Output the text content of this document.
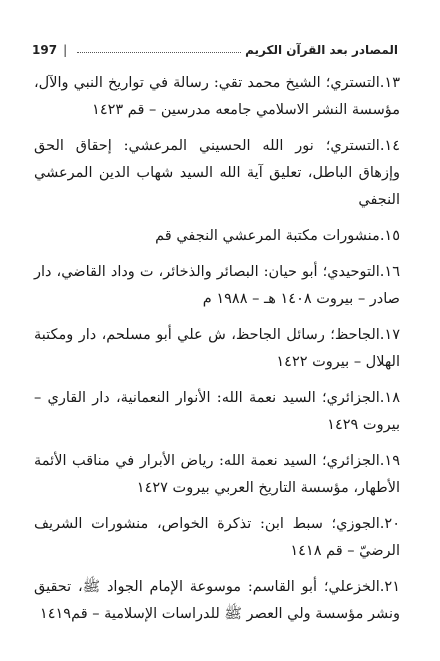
197 |	المصادر بعد القرآن الكريم
١٣.التستري؛ الشيخ محمد تقي: رسالة في تواريخ النبي والآل، مؤسسة النشر الاسلامي جامعه مدرسين – قم ١٤٢٣
١٤.التستري؛ نور الله الحسيني المرعشي: إحقاق الحق وإزهاق الباطل، تعليق آية الله السيد شهاب الدين المرعشي النجفي
١٥.منشورات مكتبة المرعشي النجفي قم
١٦.التوحيدي؛ أبو حيان: البصائر والذخائر، ت وداد القاضي، دار صادر – بيروت ١٤٠٨ هـ – ١٩٨٨ م
١٧.الجاحظ؛ رسائل الجاحظ، ش علي أبو مسلحم، دار ومكتبة الهلال – بيروت ١٤٢٢
١٨.الجزائري؛ السيد نعمة الله: الأنوار النعمانية، دار القاري – بيروت ١٤٢٩
١٩.الجزائري؛ السيد نعمة الله: رياض الأبرار في مناقب الأئمة الأطهار، مؤسسة التاريخ العربي بيروت ١٤٢٧
٢٠.الجوزي؛ سبط ابن: تذكرة الخواص، منشورات الشريف الرضيّ – قم ١٤١٨
٢١.الخزعلي؛ أبو القاسم: موسوعة الإمام الجواد ﷺ، تحقيق ونشر مؤسسة ولي العصر ﷺ للدراسات الإسلامية – قم١٤١٩
